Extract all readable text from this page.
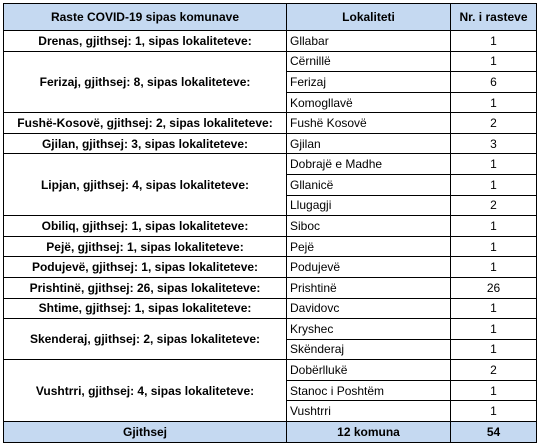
Raste COVID-19 sipas komunave	Lokaliteti	Nr. i rasteve
Drenas, gjithsej: 1, sipas lokaliteteve:	Gllabar	1
Ferizaj, gjithsej: 8, sipas lokaliteteve:	Cërnillë	1
	Ferizaj	6
	Komogllavë	1
Fushë-Kosovë, gjithsej: 2, sipas lokaliteteve:	Fushë Kosovë	2
Gjilan, gjithsej: 3, sipas lokaliteteve:	Gjilan	3
Lipjan, gjithsej: 4, sipas lokaliteteve:	Dobrajë e Madhe	1
	Gllanicë	1
	Llugagji	2
Obiliq, gjithsej: 1, sipas lokaliteteve:	Siboc	1
Pejë, gjithsej: 1, sipas lokaliteteve:	Pejë	1
Podujevë, gjithsej: 1, sipas lokaliteteve:	Podujevë	1
Prishtinë, gjithsej: 26, sipas lokaliteteve:	Prishtinë	26
Shtime, gjithsej: 1, sipas lokaliteteve:	Davidovc	1
Skenderaj, gjithsej: 2, sipas lokaliteteve:	Kryshec	1
	Skënderaj	1
Vushtrri, gjithsej: 4, sipas lokaliteteve:	Dobërllukë	2
	Stanoc i Poshtëm	1
	Vushtrri	1
Gjithsej	12 komuna	54
